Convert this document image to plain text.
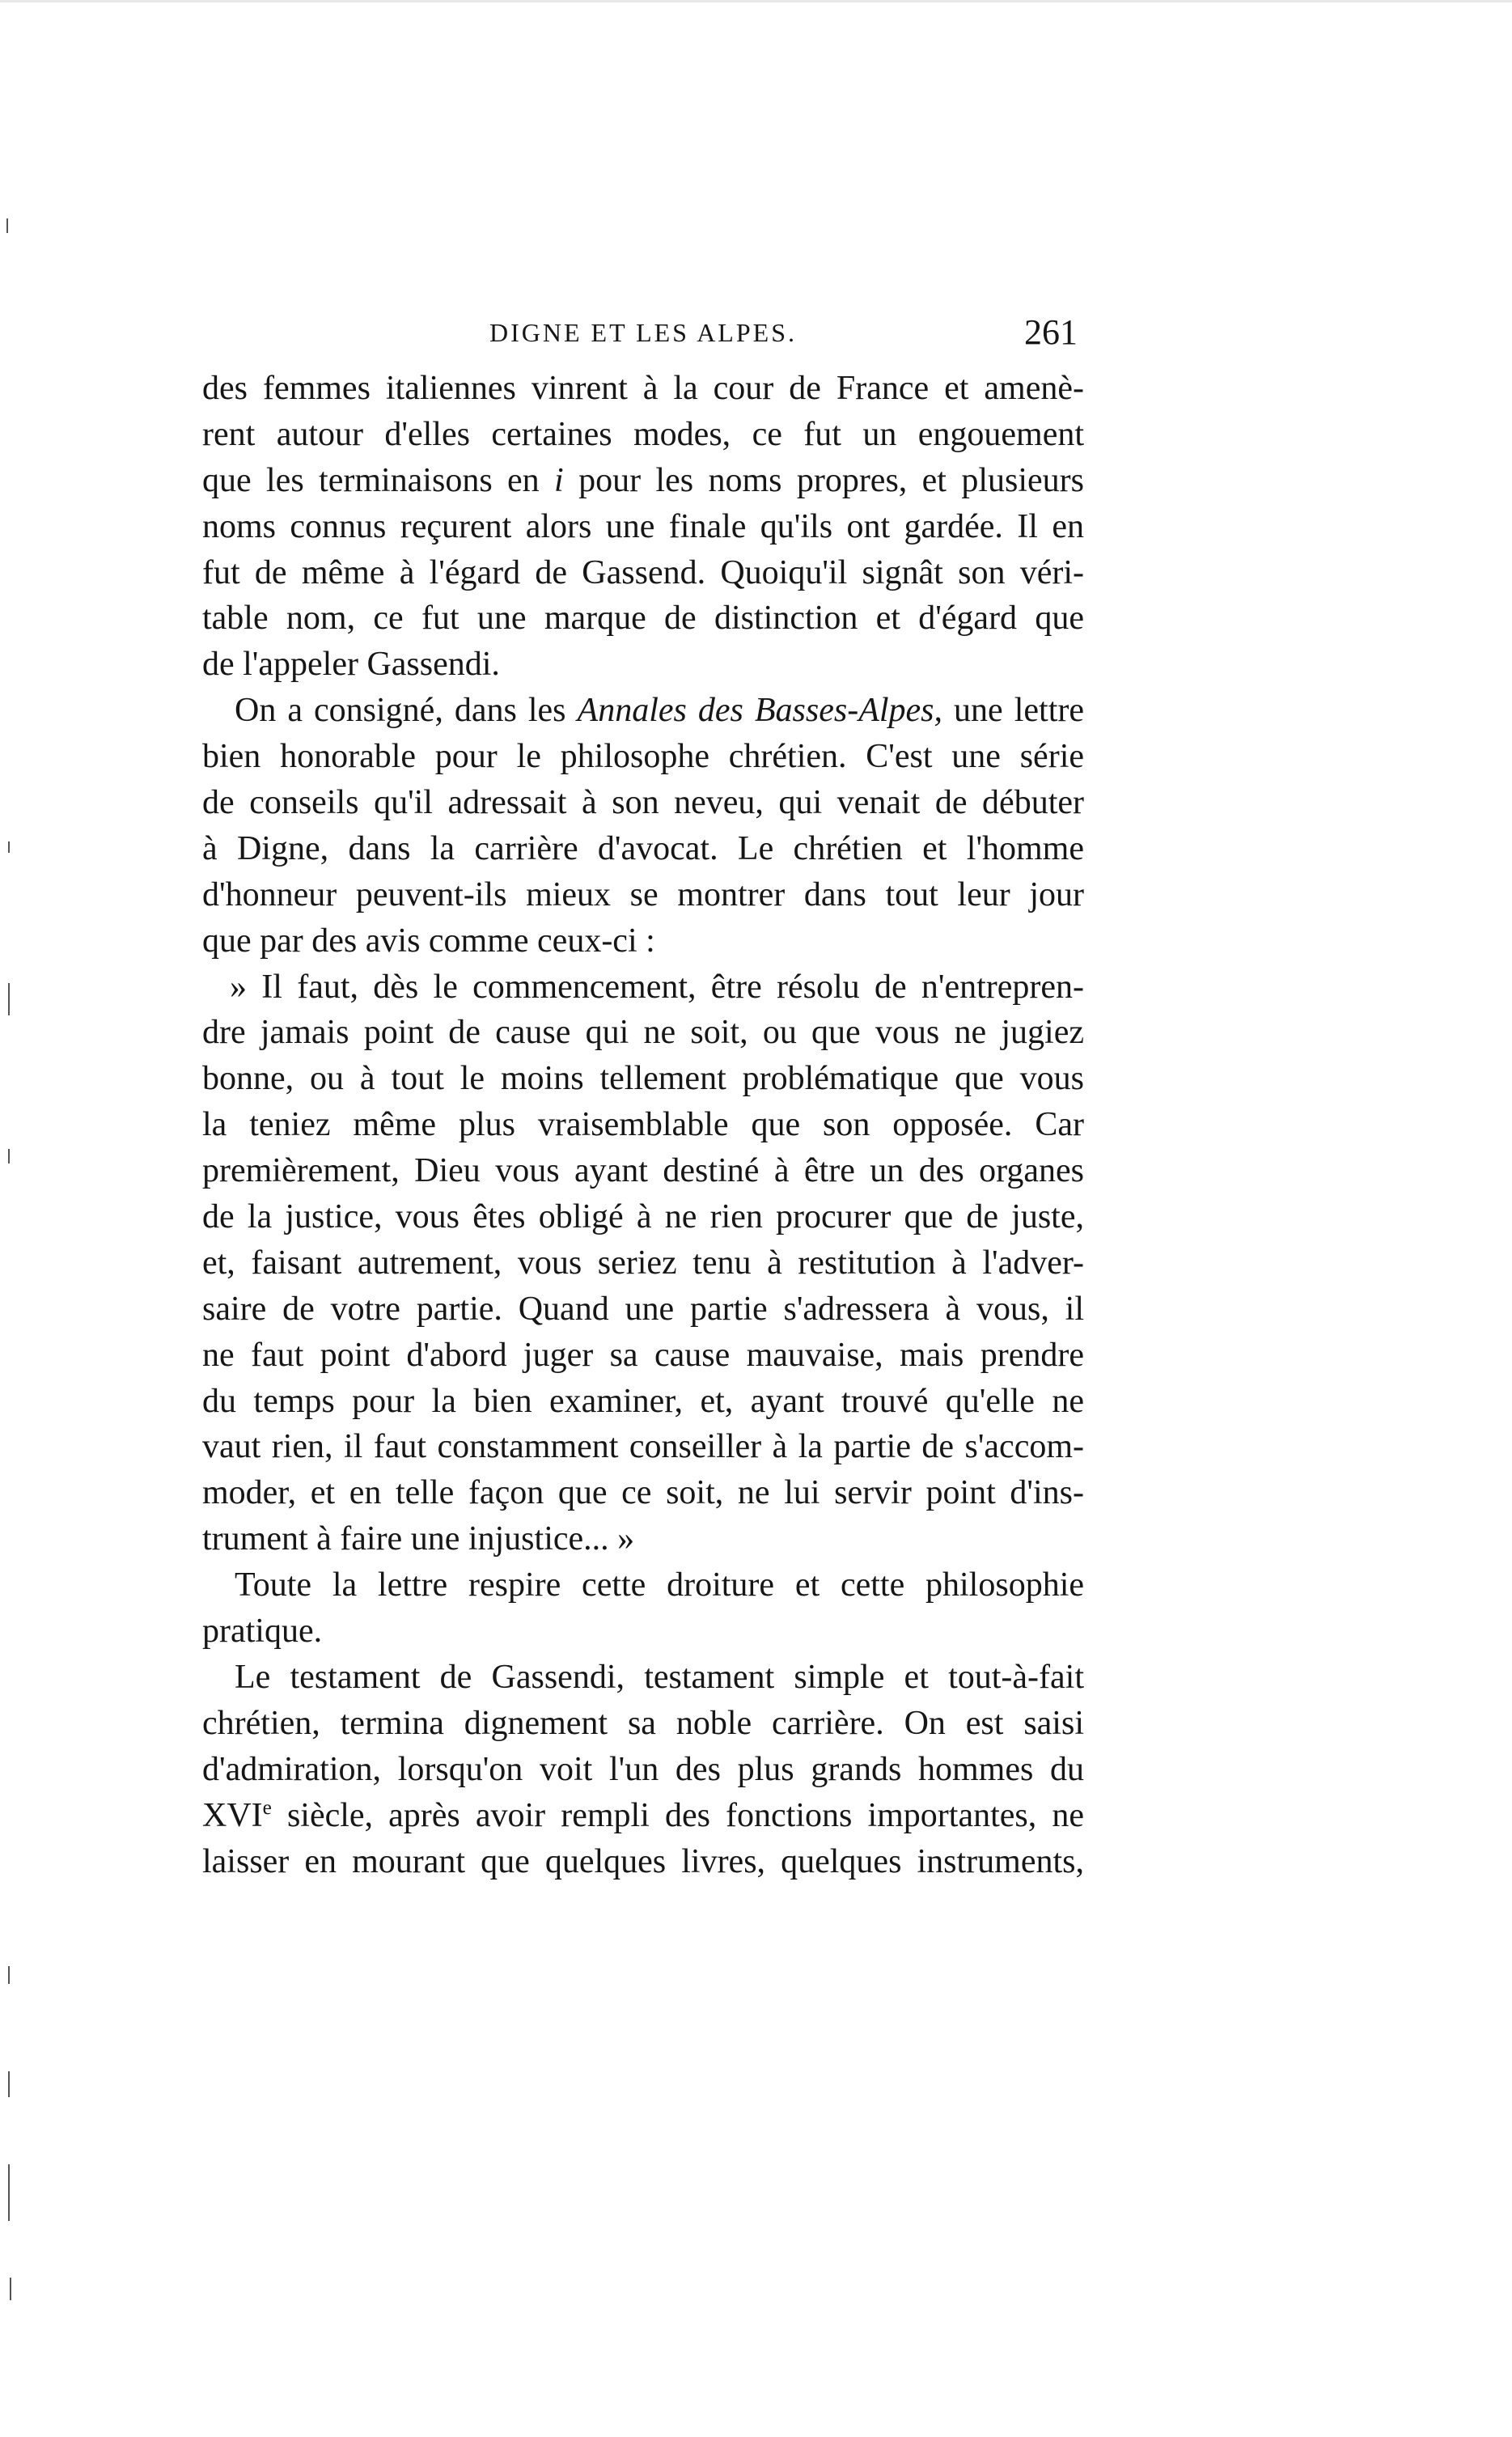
DIGNE ET LES ALPES.	261
des femmes italiennes vinrent à la cour de France et amenè-
rent autour d'elles certaines modes, ce fut un engouement
que les terminaisons en i pour les noms propres, et plusieurs
noms connus reçurent alors une finale qu'ils ont gardée. Il en
fut de même à l'égard de Gassend. Quoiqu'il signât son véri-
table nom, ce fut une marque de distinction et d'égard que
de l'appeler Gassendi.
On a consigné, dans les Annales des Basses-Alpes, une lettre
bien honorable pour le philosophe chrétien. C'est une série
de conseils qu'il adressait à son neveu, qui venait de débuter
à Digne, dans la carrière d'avocat. Le chrétien et l'homme
d'honneur peuvent-ils mieux se montrer dans tout leur jour
que par des avis comme ceux-ci :
» Il faut, dès le commencement, être résolu de n'entrepren-
dre jamais point de cause qui ne soit, ou que vous ne jugiez
bonne, ou à tout le moins tellement problématique que vous
la teniez même plus vraisemblable que son opposée. Car
premièrement, Dieu vous ayant destiné à être un des organes
de la justice, vous êtes obligé à ne rien procurer que de juste,
et, faisant autrement, vous seriez tenu à restitution à l'adver-
saire de votre partie. Quand une partie s'adressera à vous, il
ne faut point d'abord juger sa cause mauvaise, mais prendre
du temps pour la bien examiner, et, ayant trouvé qu'elle ne
vaut rien, il faut constamment conseiller à la partie de s'accom-
moder, et en telle façon que ce soit, ne lui servir point d'ins-
trument à faire une injustice... »
Toute la lettre respire cette droiture et cette philosophie
pratique.
Le testament de Gassendi, testament simple et tout-à-fait
chrétien, termina dignement sa noble carrière. On est saisi
d'admiration, lorsqu'on voit l'un des plus grands hommes du
XVIe siècle, après avoir rempli des fonctions importantes, ne
laisser en mourant que quelques livres, quelques instruments,
